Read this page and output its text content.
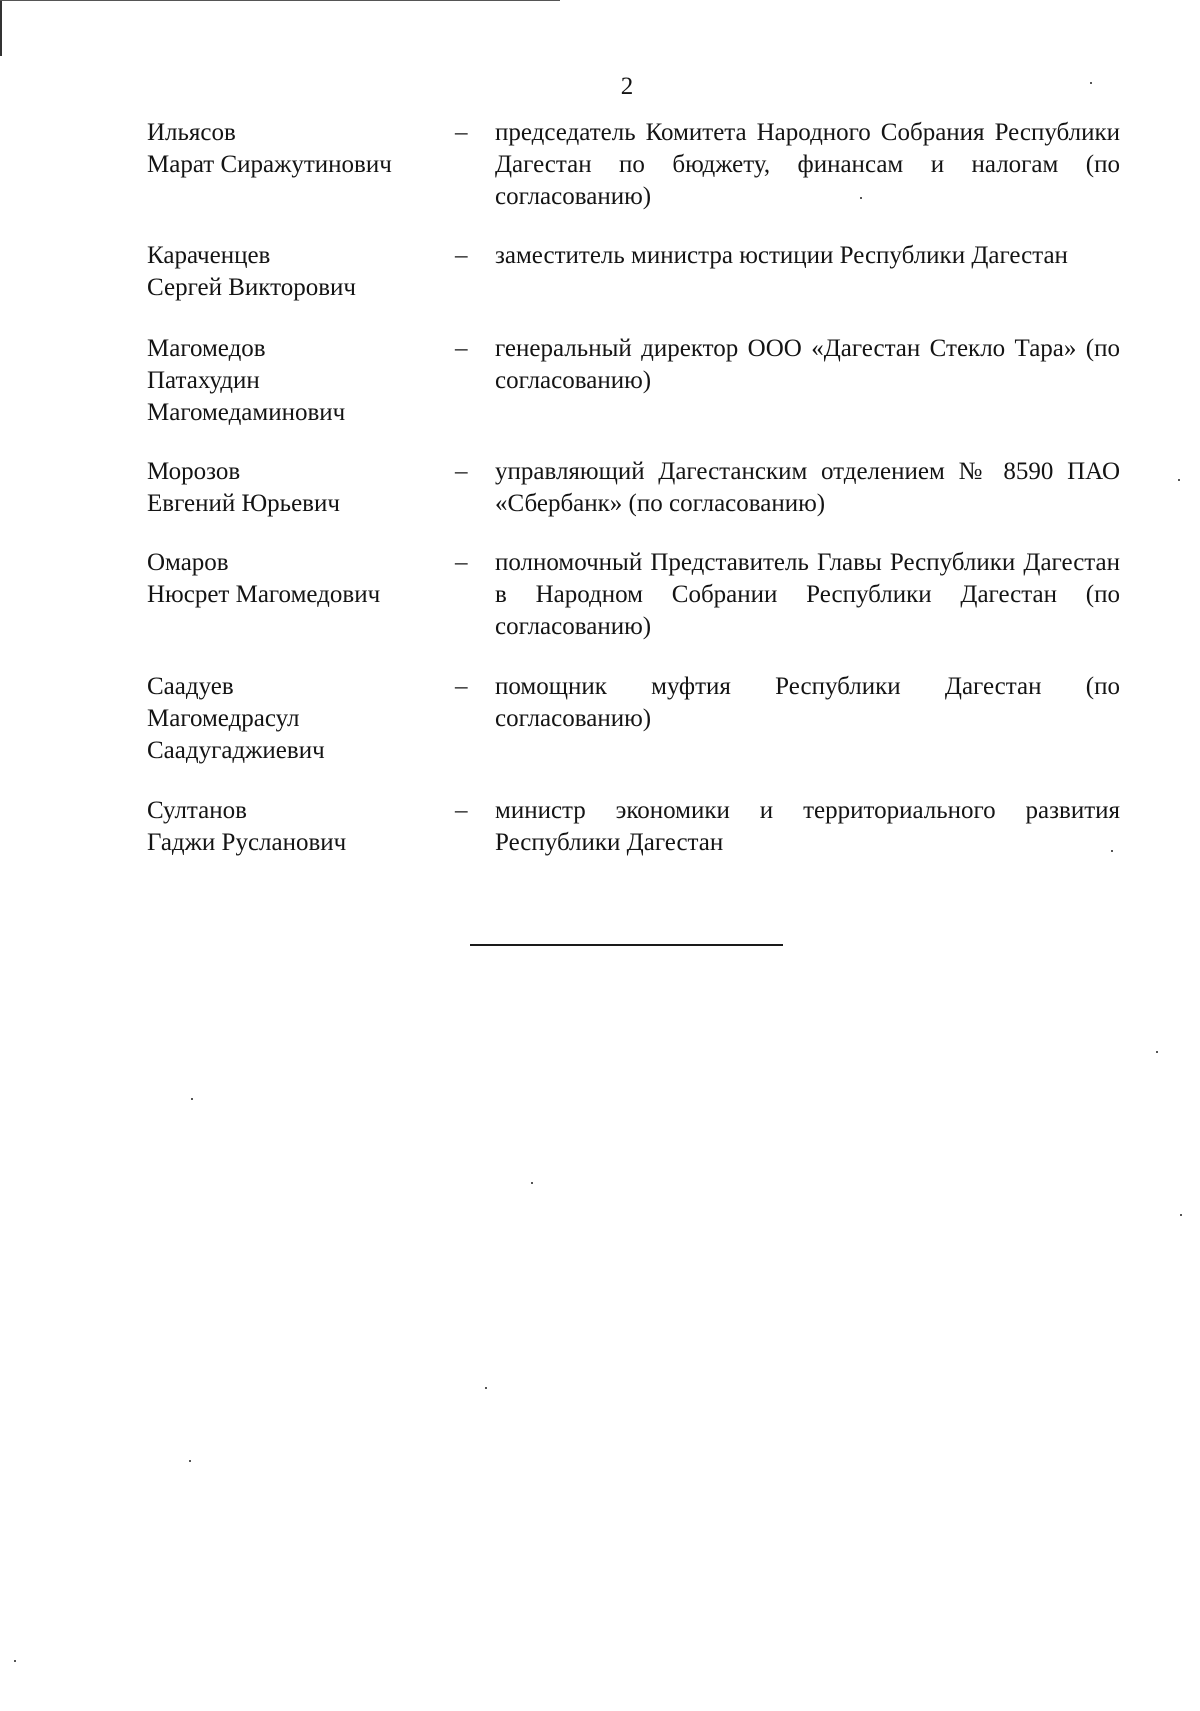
2
Ильясов
Марат Сиражутинович
– председатель Комитета Народного Собрания Республики Дагестан по бюджету, финансам и налогам (по согласованию)
Караченцев
Сергей Викторович
– заместитель министра юстиции Республики Дагестан
Магомедов
Патахудин
Магомедаминович
– генеральный директор ООО «Дагестан Стекло Тара» (по согласованию)
Морозов
Евгений Юрьевич
– управляющий Дагестанским отделением № 8590 ПАО «Сбербанк» (по согласованию)
Омаров
Нюсрет Магомедович
– полномочный Представитель Главы Республики Дагестан в Народном Собрании Республики Дагестан (по согласованию)
Саадуев
Магомедрасул
Саадугаджиевич
– помощник муфтия Республики Дагестан (по согласованию)
Султанов
Гаджи Русланович
– министр экономики и территориального развития Республики Дагестан
